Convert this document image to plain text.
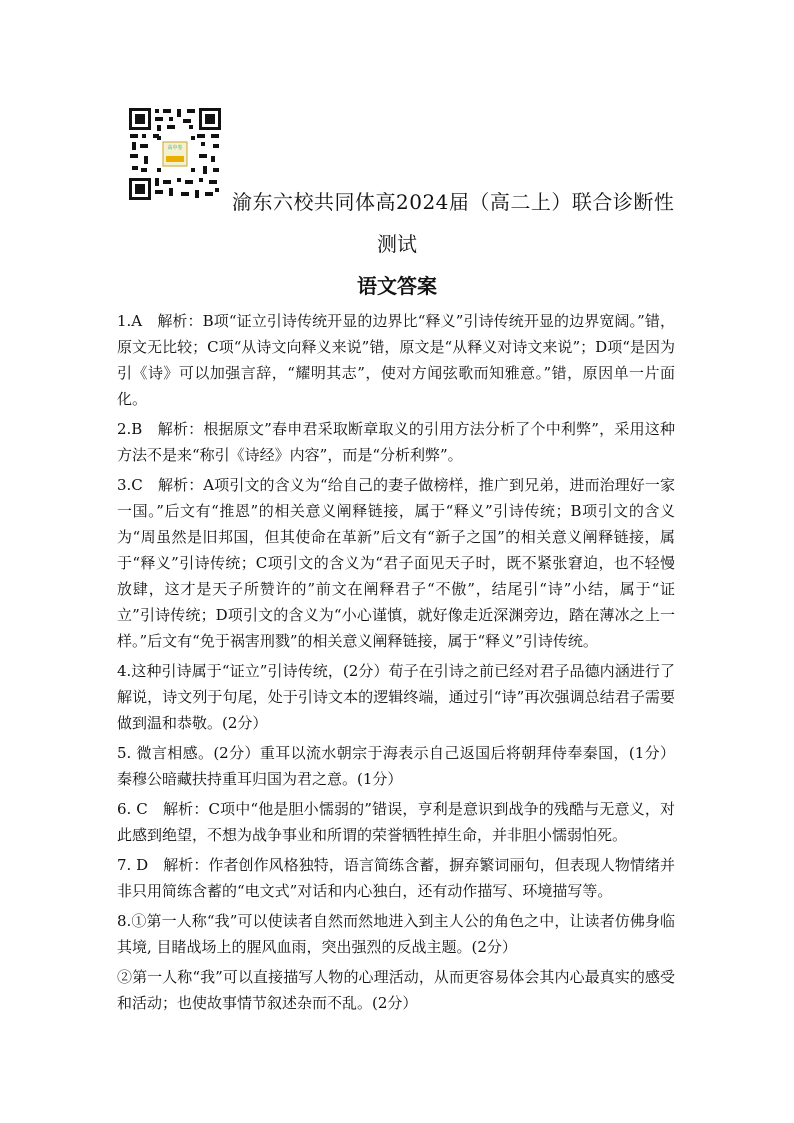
高中卷
渝东六校共同体高2024届（高二上）联合诊断性
测试
语文答案

1.A　解析：B项“证立引诗传统开显的边界比“释义”引诗传统开显的边界宽阔。”错，原文无比较；C项“从诗文向释义来说”错，原文是“从释义对诗文来说”；D项“是因为引《诗》可以加强言辞，“耀明其志”，使对方闻弦歌而知雅意。”错，原因单一片面化。

2.B　解析：根据原文”春申君采取断章取义的引用方法分析了个中利弊”，采用这种方法不是来“称引《诗经》内容”，而是“分析利弊”。

3.C　解析：A项引文的含义为“给自己的妻子做榜样，推广到兄弟，进而治理好一家一国。”后文有“推恩”的相关意义阐释链接，属于“释义”引诗传统；B项引文的含义为“周虽然是旧邦国，但其使命在革新”后文有“新子之国”的相关意义阐释链接，属于“释义”引诗传统；C项引文的含义为“君子面见天子时，既不紧张窘迫，也不轻慢放肆，这才是天子所赞许的”前文在阐释君子“不傲”，结尾引“诗”小结，属于“证立”引诗传统；D项引文的含义为“小心谨慎，就好像走近深渊旁边，踏在薄冰之上一样。”后文有“免于祸害刑戮”的相关意义阐释链接，属于“释义”引诗传统。

4.这种引诗属于“证立”引诗传统，(2分）荀子在引诗之前已经对君子品德内涵进行了解说，诗文列于句尾，处于引诗文本的逻辑终端，通过引“诗”再次强调总结君子需要做到温和恭敬。(2分）

5. 微言相感。(2分）重耳以流水朝宗于海表示自己返国后将朝拜侍奉秦国，(1分）秦穆公暗藏扶持重耳归国为君之意。(1分）

6. C　解析：C项中“他是胆小懦弱的”错误，亨利是意识到战争的残酷与无意义，对此感到绝望，不想为战争事业和所谓的荣誉牺牲掉生命，并非胆小懦弱怕死。

7. D　解析：作者创作风格独特，语言简练含蓄，摒弃繁词丽句，但表现人物情绪并非只用简练含蓄的“电文式”对话和内心独白，还有动作描写、环境描写等。

8.①第一人称“我”可以使读者自然而然地进入到主人公的角色之中，让读者仿佛身临其境, 目睹战场上的腥风血雨，突出强烈的反战主题。(2分）

②第一人称“我”可以直接描写人物的心理活动，从而更容易体会其内心最真实的感受和活动；也使故事情节叙述杂而不乱。(2分）
